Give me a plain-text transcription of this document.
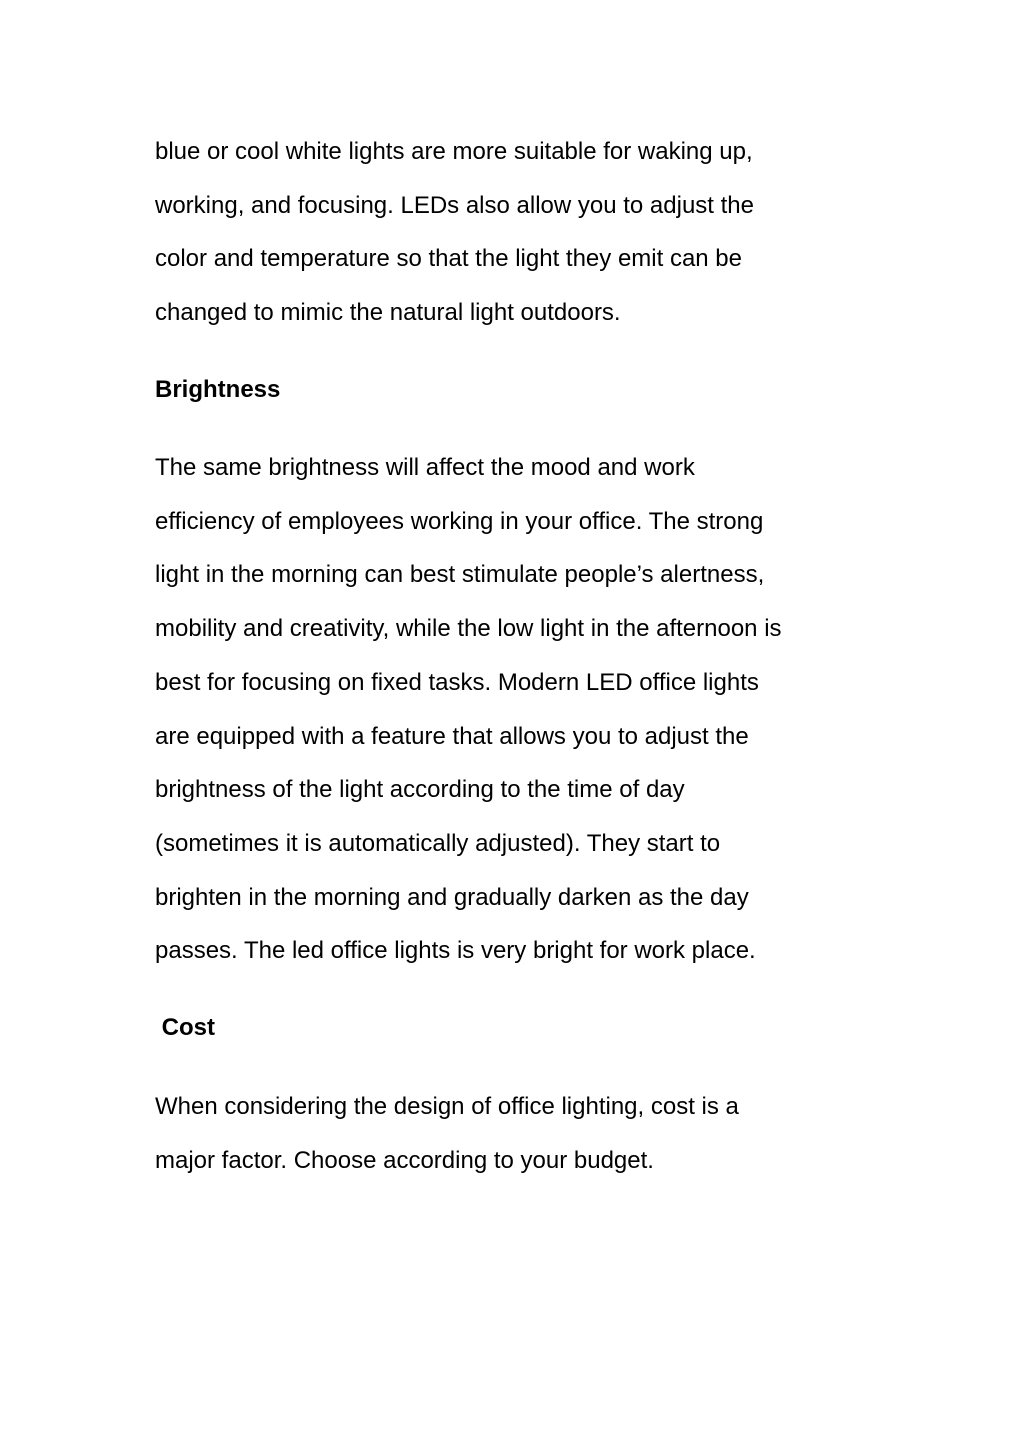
blue or cool white lights are more suitable for waking up,
working, and focusing. LEDs also allow you to adjust the
color and temperature so that the light they emit can be
changed to mimic the natural light outdoors.

Brightness

The same brightness will affect the mood and work
efficiency of employees working in your office. The strong
light in the morning can best stimulate people’s alertness,
mobility and creativity, while the low light in the afternoon is
best for focusing on fixed tasks. Modern LED office lights
are equipped with a feature that allows you to adjust the
brightness of the light according to the time of day
(sometimes it is automatically adjusted). They start to
brighten in the morning and gradually darken as the day
passes. The led office lights is very bright for work place.

Cost

When considering the design of office lighting, cost is a
major factor. Choose according to your budget.
